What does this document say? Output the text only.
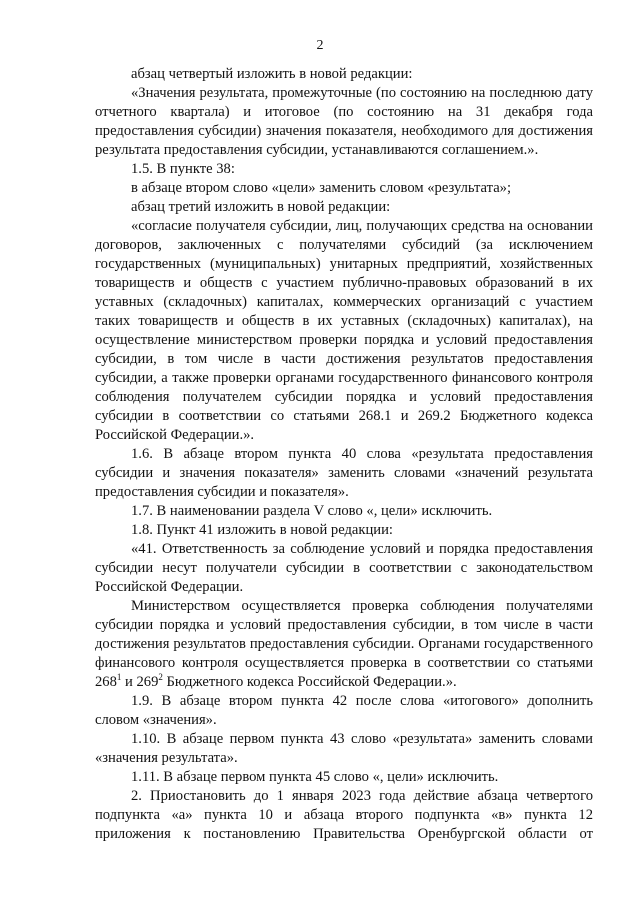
2

абзац четвертый изложить в новой редакции:

«Значения результата, промежуточные (по состоянию на последнюю дату отчетного квартала) и итоговое (по состоянию на 31 декабря года предоставления субсидии) значения показателя, необходимого для достижения результата предоставления субсидии, устанавливаются соглашением.».

1.5. В пункте 38:

в абзаце втором слово «цели» заменить словом «результата»;

абзац третий изложить в новой редакции:

«согласие получателя субсидии, лиц, получающих средства на основании договоров, заключенных с получателями субсидий (за исключением государственных (муниципальных) унитарных предприятий, хозяйственных товариществ и обществ с участием публично-правовых образований в их уставных (складочных) капиталах, коммерческих организаций с участием таких товариществ и обществ в их уставных (складочных) капиталах), на осуществление министерством проверки порядка и условий предоставления субсидии, в том числе в части достижения результатов предоставления субсидии, а также проверки органами государственного финансового контроля соблюдения получателем субсидии порядка и условий предоставления субсидии в соответствии со статьями 268.1 и 269.2 Бюджетного кодекса Российской Федерации.».

1.6. В абзаце втором пункта 40 слова «результата предоставления субсидии и значения показателя» заменить словами «значений результата предоставления субсидии и показателя».

1.7. В наименовании раздела V слово «, цели» исключить.

1.8. Пункт 41 изложить в новой редакции:

«41. Ответственность за соблюдение условий и порядка предоставления субсидии несут получатели субсидии в соответствии с законодательством Российской Федерации.

Министерством осуществляется проверка соблюдения получателями субсидии порядка и условий предоставления субсидии, в том числе в части достижения результатов предоставления субсидии. Органами государственного финансового контроля осуществляется проверка в соответствии со статьями $268^1$ и $269^2$ Бюджетного кодекса Российской Федерации.».

1.9. В абзаце втором пункта 42 после слова «итогового» дополнить словом «значения».

1.10. В абзаце первом пункта 43 слово «результата» заменить словами «значения результата».

1.11. В абзаце первом пункта 45 слово «, цели» исключить.

2. Приостановить до 1 января 2023 года действие абзаца четвертого подпункта «а» пункта 10 и абзаца второго подпункта «в» пункта 12 приложения к постановлению Правительства Оренбургской области от
